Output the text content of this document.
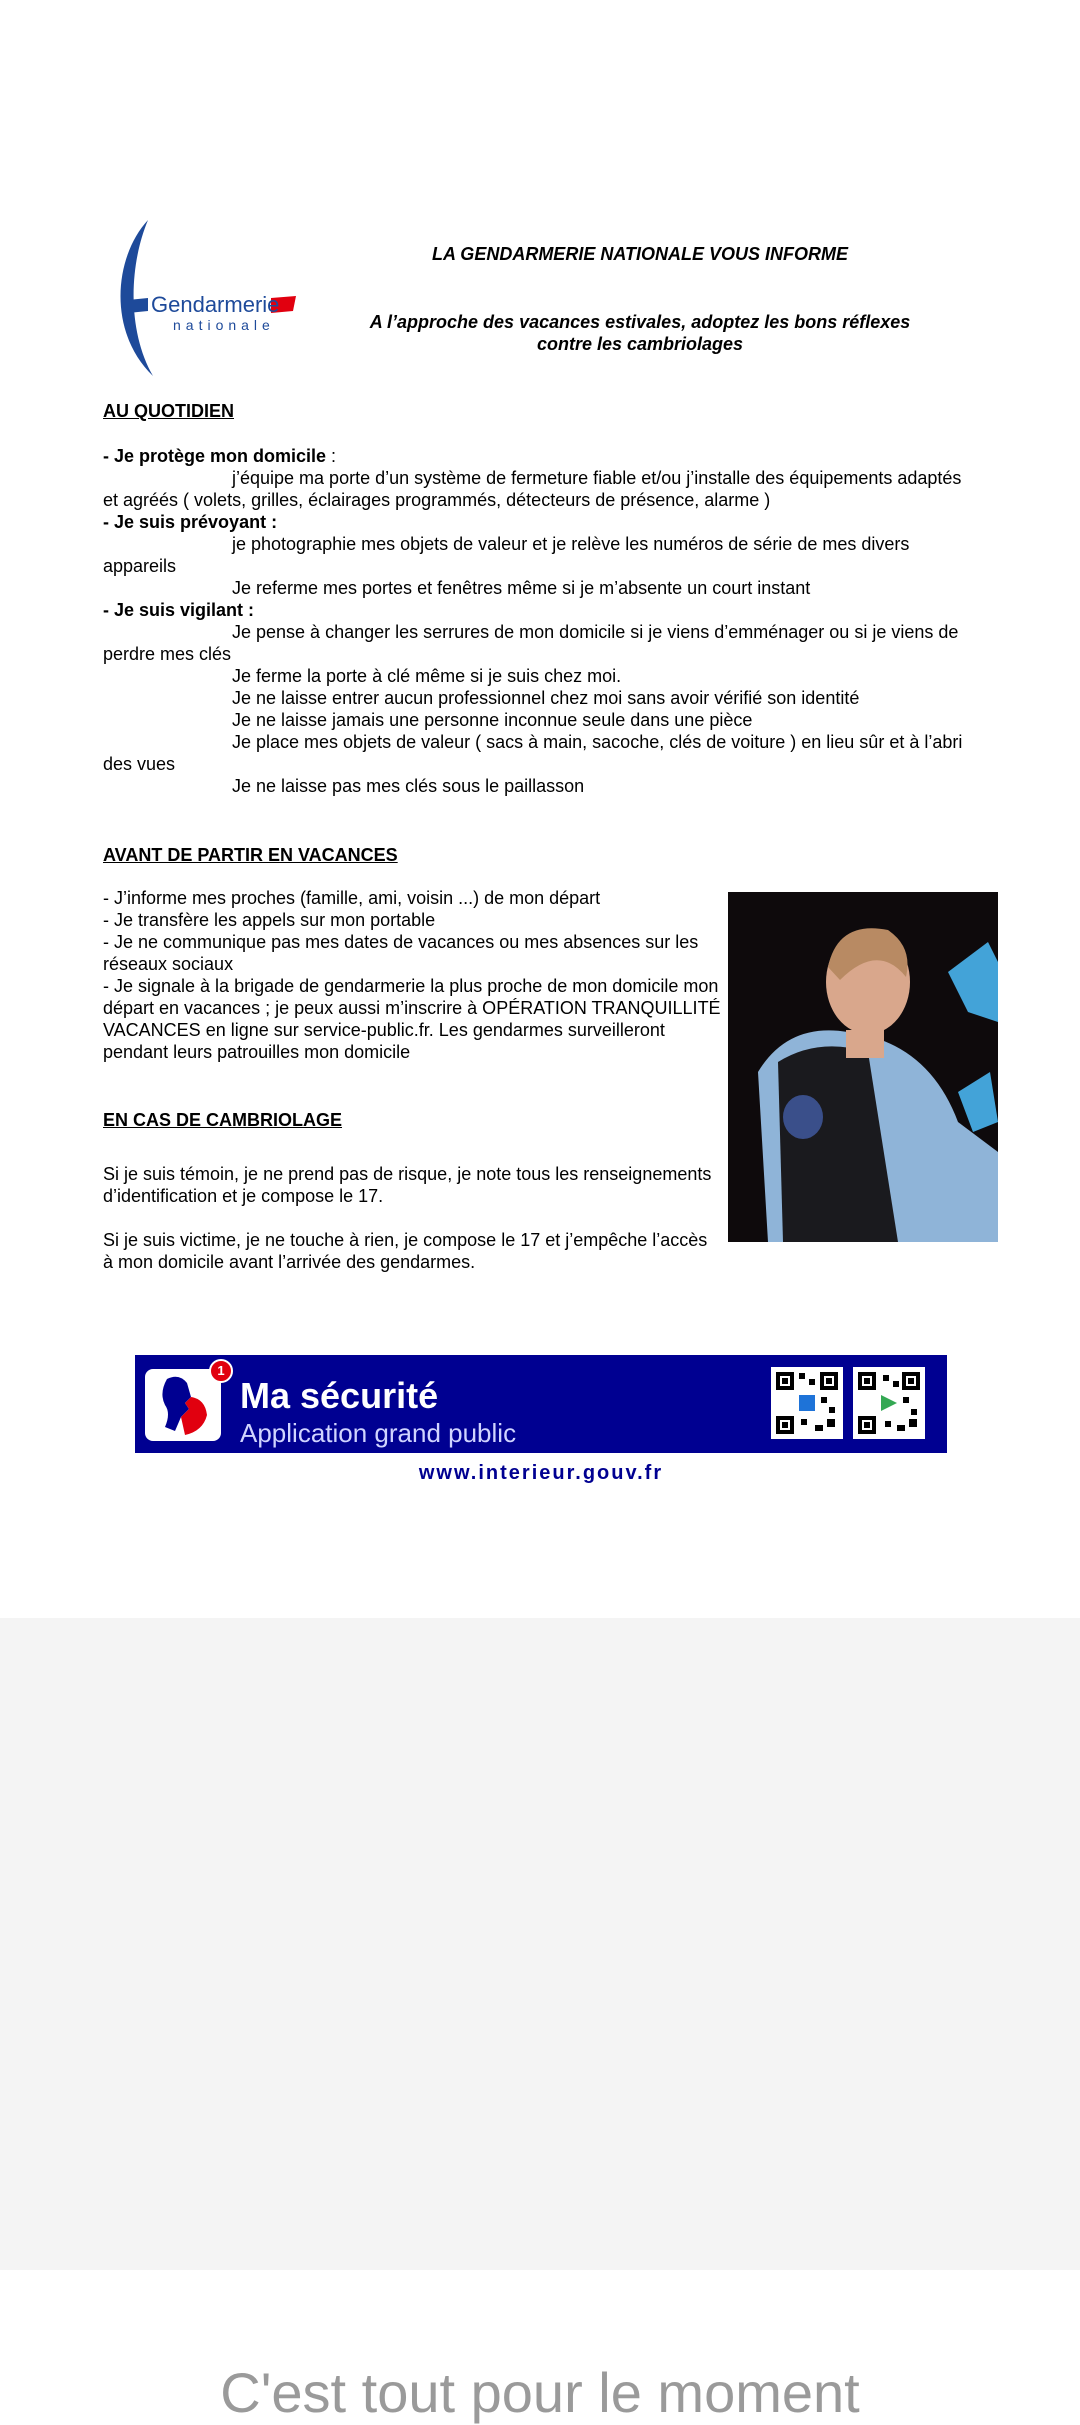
Gendarmerie
nationale
LA GENDARMERIE NATIONALE VOUS INFORME
A l’approche des vacances estivales, adoptez les bons réflexes contre les cambriolages
AU QUOTIDIEN

- Je protège mon domicile :

j’équipe ma porte d’un système de fermeture fiable et/ou j’installe des équipements adaptés et agréés ( volets, grilles, éclairages programmés, détecteurs de présence, alarme )

- Je suis prévoyant :

je photographie mes objets de valeur et je relève les numéros de série de mes divers appareils

Je referme mes portes et fenêtres même si je m’absente un court instant

- Je suis vigilant :

Je pense à changer les serrures de mon domicile si je viens d’emménager ou si je viens de perdre mes clés

Je ferme la porte à clé même si je suis chez moi.

Je ne laisse entrer aucun professionnel chez moi sans avoir vérifié son identité

Je ne laisse jamais une personne inconnue seule dans une pièce

Je place mes objets de valeur ( sacs à main, sacoche, clés de voiture ) en lieu sûr et à l’abri des vues

Je ne laisse pas mes clés sous le paillasson

AVANT DE PARTIR EN VACANCES

- J’informe mes proches (famille, ami, voisin ...) de mon départ

- Je transfère les appels sur mon portable

- Je ne communique pas mes dates de vacances ou mes absences sur les réseaux sociaux

- Je signale à la brigade de gendarmerie la plus proche de mon domicile mon départ en vacances ; je peux aussi m’inscrire à OPÉRATION TRANQUILLITÉ VACANCES en ligne sur service-public.fr. Les gendarmes surveilleront pendant leurs patrouilles mon domicile

EN CAS DE CAMBRIOLAGE

Si je suis témoin, je ne prend pas de risque, je note tous les renseignements d’identification et je compose le 17.

Si je suis victime, je ne touche à rien, je compose le 17 et j’empêche l’accès à mon domicile avant l’arrivée des gendarmes.

1
Ma sécurité
Application grand public
www.interieur.gouv.fr
C'est tout pour le moment
